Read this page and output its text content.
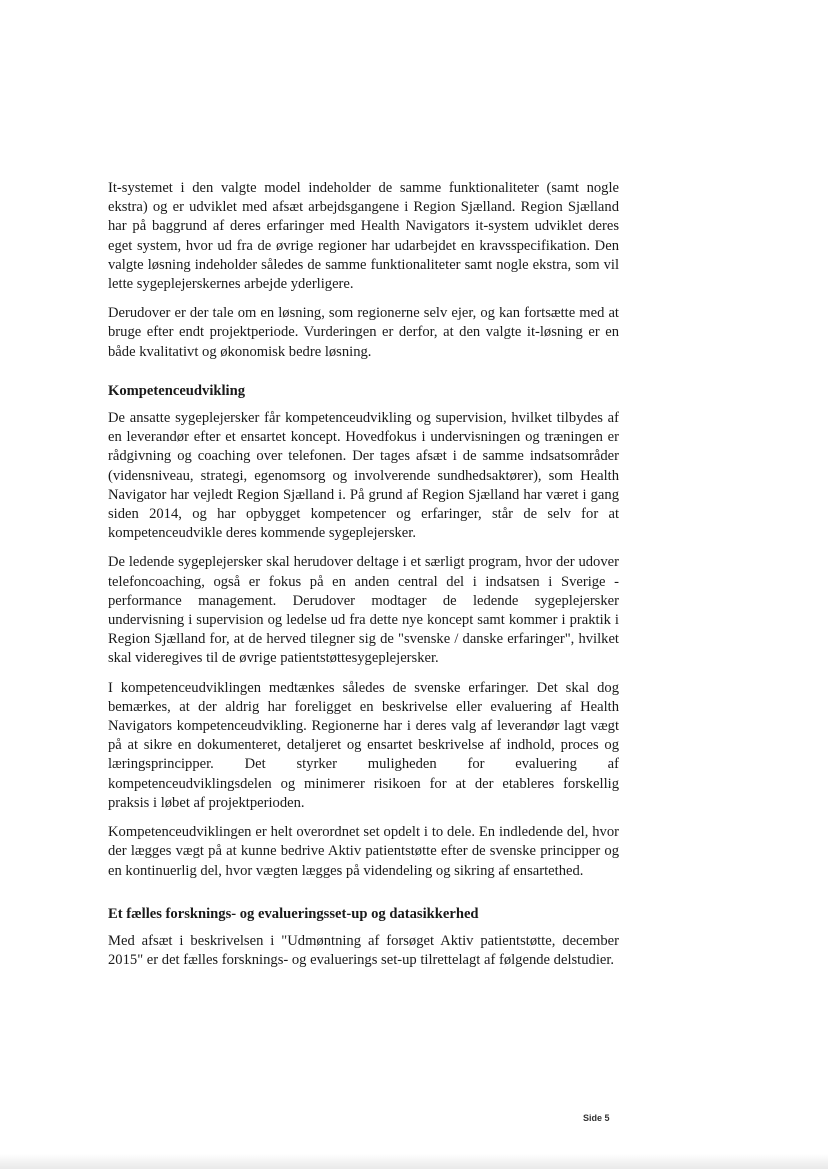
It-systemet i den valgte model indeholder de samme funktionaliteter (samt nogle ekstra) og er udviklet med afsæt arbejdsgangene i Region Sjælland. Region Sjælland har på baggrund af deres erfaringer med Health Navigators it-system udviklet deres eget system, hvor ud fra de øvrige regioner har udarbejdet en kravsspecifikation. Den valgte løsning indeholder således de samme funktionaliteter samt nogle ekstra, som vil lette sygeplejerskernes arbejde yderligere.

Derudover er der tale om en løsning, som regionerne selv ejer, og kan fortsætte med at bruge efter endt projektperiode. Vurderingen er derfor, at den valgte it-løsning er en både kvalitativt og økonomisk bedre løsning.

Kompetenceudvikling

De ansatte sygeplejersker får kompetenceudvikling og supervision, hvilket tilbydes af en leverandør efter et ensartet koncept. Hovedfokus i undervisningen og træningen er rådgivning og coaching over telefonen. Der tages afsæt i de samme indsatsområder (vidensniveau, strategi, egenomsorg og involverende sundhedsaktører), som Health Navigator har vejledt Region Sjælland i. På grund af Region Sjælland har været i gang siden 2014, og har opbygget kompetencer og erfaringer, står de selv for at kompetenceudvikle deres kommende sygeplejersker.

De ledende sygeplejersker skal herudover deltage i et særligt program, hvor der udover telefoncoaching, også er fokus på en anden central del i indsatsen i Sverige - performance management. Derudover modtager de ledende sygeplejersker undervisning i supervision og ledelse ud fra dette nye koncept samt kommer i praktik i Region Sjælland for, at de herved tilegner sig de "svenske / danske erfaringer", hvilket skal videregives til de øvrige patientstøttesygeplejersker.

I kompetenceudviklingen medtænkes således de svenske erfaringer. Det skal dog bemærkes, at der aldrig har foreligget en beskrivelse eller evaluering af Health Navigators kompetenceudvikling. Regionerne har i deres valg af leverandør lagt vægt på at sikre en dokumenteret, detaljeret og ensartet beskrivelse af indhold, proces og læringsprincipper. Det styrker muligheden for evaluering af kompetenceudviklingsdelen og minimerer risikoen for at der etableres forskellig praksis i løbet af projektperioden.

Kompetenceudviklingen er helt overordnet set opdelt i to dele. En indledende del, hvor der lægges vægt på at kunne bedrive Aktiv patientstøtte efter de svenske principper og en kontinuerlig del, hvor vægten lægges på videndeling og sikring af ensartethed.

Et fælles forsknings- og evalueringsset-up og datasikkerhed

Med afsæt i beskrivelsen i "Udmøntning af forsøget Aktiv patientstøtte, december 2015" er det fælles forsknings- og evaluerings set-up tilrettelagt af følgende delstudier.

Side 5
